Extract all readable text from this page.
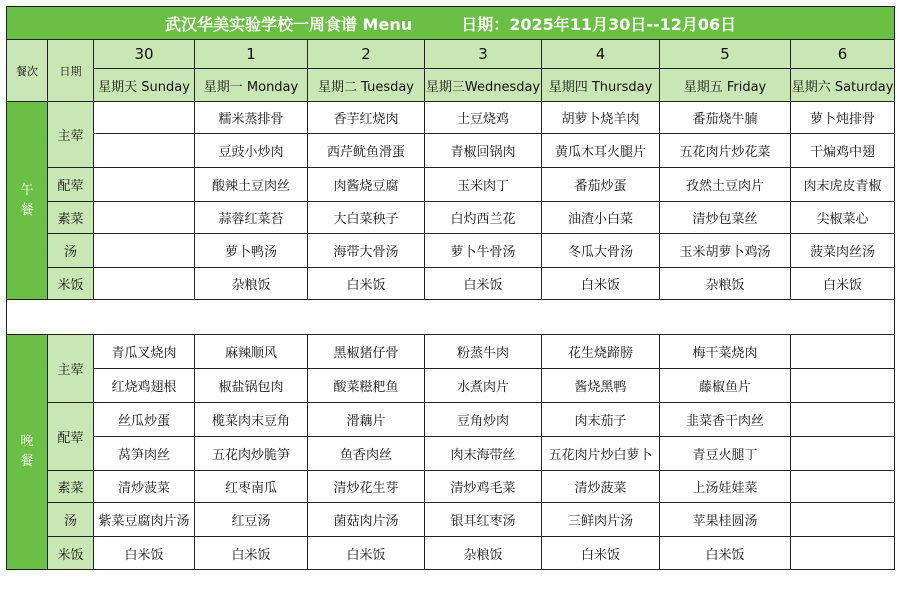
武汉华美实验学校一周食谱 Menu 日期：2025年11月30日--12月06日								
餐次	日期	30	1	2	3	4	5	6
		星期天 Sunday	星期一 Monday	星期二 Tuesday	星期三Wednesday	星期四 Thursday	星期五 Friday	星期六 Saturday

午
餐	主荤		糯米蒸排骨	香芋红烧肉	土豆烧鸡	胡萝卜烧羊肉	番茄烧牛腩	萝卜炖排骨
			豆豉小炒肉	西芹鱿鱼滑蛋	青椒回锅肉	黄瓜木耳火腿片	五花肉片炒花菜	干煸鸡中翅
	配荤		酸辣土豆肉丝	肉酱烧豆腐	玉米肉丁	番茄炒蛋	孜然土豆肉片	肉末虎皮青椒
	素菜		蒜蓉红菜苔	大白菜秧子	白灼西兰花	油渣小白菜	清炒包菜丝	尖椒菜心
	汤		萝卜鸭汤	海带大骨汤	萝卜牛骨汤	冬瓜大骨汤	玉米胡萝卜鸡汤	菠菜肉丝汤
	米饭		杂粮饭	白米饭	白米饭	白米饭	杂粮饭	白米饭

晚
餐	主荤	青瓜叉烧肉	麻辣顺风	黑椒猪仔骨	粉蒸牛肉	花生烧蹄膀	梅干菜烧肉	
		红烧鸡翅根	椒盐锅包肉	酸菜糍粑鱼	水煮肉片	酱烧黑鸭	藤椒鱼片	
	配荤	丝瓜炒蛋	榄菜肉末豆角	滑藕片	豆角炒肉	肉末茄子	韭菜香干肉丝	
		莴笋肉丝	五花肉炒脆笋	鱼香肉丝	肉末海带丝	五花肉片炒白萝卜	青豆火腿丁	
	素菜	清炒菠菜	红枣南瓜	清炒花生芽	清炒鸡毛菜	清炒菠菜	上汤娃娃菜	
	汤	紫菜豆腐肉片汤	红豆汤	菌菇肉片汤	银耳红枣汤	三鲜肉片汤	苹果桂圆汤	
	米饭	白米饭	白米饭	白米饭	杂粮饭	白米饭	白米饭	
